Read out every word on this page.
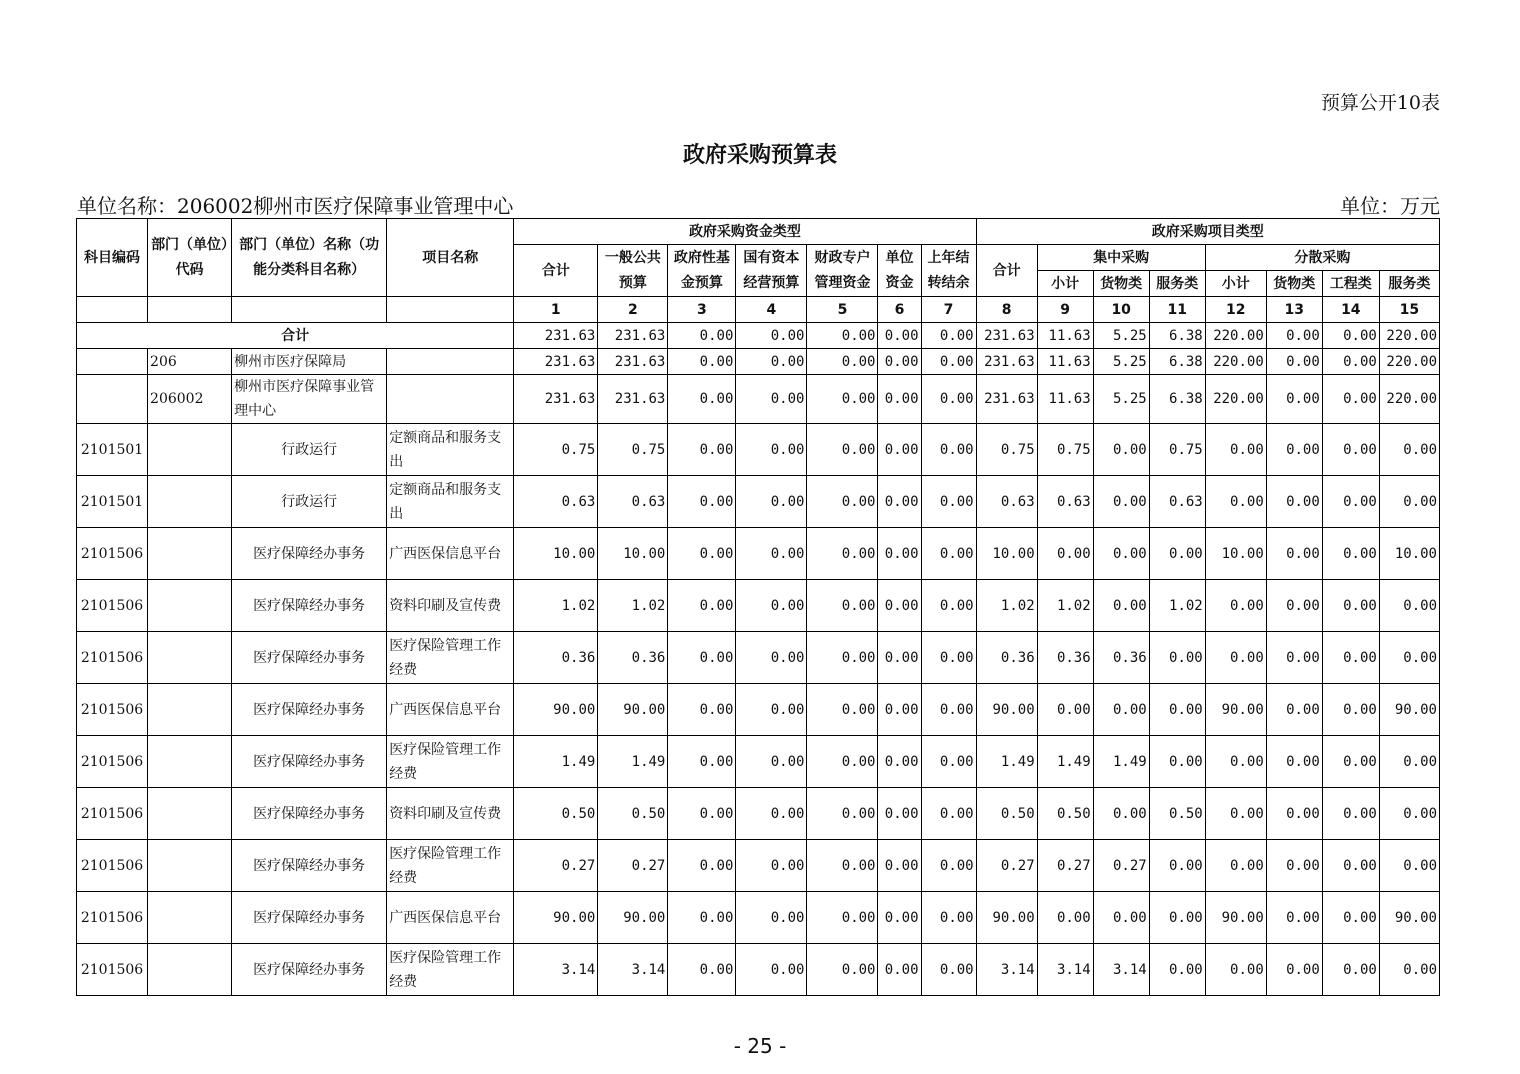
预算公开10表
政府采购预算表
单位名称：206002柳州市医疗保障事业管理中心	单位：万元
科目编码	部门（单位）代码	部门（单位）名称（功能分类科目名称）	项目名称	政府采购资金类型							政府采购项目类型							
				合计	一般公共预算	政府性基金预算	国有资本经营预算	财政专户管理资金	单位资金	上年结转结余	合计	集中采购			分散采购			
												小计	货物类	服务类	小计	货物类	工程类	服务类
				1	2	3	4	5	6	7	8	9	10	11	12	13	14	15
合计				231.63	231.63	0.00	0.00	0.00	0.00	0.00	231.63	11.63	5.25	6.38	220.00	0.00	0.00	220.00
	206	柳州市医疗保障局		231.63	231.63	0.00	0.00	0.00	0.00	0.00	231.63	11.63	5.25	6.38	220.00	0.00	0.00	220.00
	206002	柳州市医疗保障事业管理中心		231.63	231.63	0.00	0.00	0.00	0.00	0.00	231.63	11.63	5.25	6.38	220.00	0.00	0.00	220.00
2101501		行政运行	定额商品和服务支出	0.75	0.75	0.00	0.00	0.00	0.00	0.00	0.75	0.75	0.00	0.75	0.00	0.00	0.00	0.00
2101501		行政运行	定额商品和服务支出	0.63	0.63	0.00	0.00	0.00	0.00	0.00	0.63	0.63	0.00	0.63	0.00	0.00	0.00	0.00
2101506		医疗保障经办事务	广西医保信息平台	10.00	10.00	0.00	0.00	0.00	0.00	0.00	10.00	0.00	0.00	0.00	10.00	0.00	0.00	10.00
2101506		医疗保障经办事务	资料印刷及宣传费	1.02	1.02	0.00	0.00	0.00	0.00	0.00	1.02	1.02	0.00	1.02	0.00	0.00	0.00	0.00
2101506		医疗保障经办事务	医疗保险管理工作经费	0.36	0.36	0.00	0.00	0.00	0.00	0.00	0.36	0.36	0.36	0.00	0.00	0.00	0.00	0.00
2101506		医疗保障经办事务	广西医保信息平台	90.00	90.00	0.00	0.00	0.00	0.00	0.00	90.00	0.00	0.00	0.00	90.00	0.00	0.00	90.00
2101506		医疗保障经办事务	医疗保险管理工作经费	1.49	1.49	0.00	0.00	0.00	0.00	0.00	1.49	1.49	1.49	0.00	0.00	0.00	0.00	0.00
2101506		医疗保障经办事务	资料印刷及宣传费	0.50	0.50	0.00	0.00	0.00	0.00	0.00	0.50	0.50	0.00	0.50	0.00	0.00	0.00	0.00
2101506		医疗保障经办事务	医疗保险管理工作经费	0.27	0.27	0.00	0.00	0.00	0.00	0.00	0.27	0.27	0.27	0.00	0.00	0.00	0.00	0.00
2101506		医疗保障经办事务	广西医保信息平台	90.00	90.00	0.00	0.00	0.00	0.00	0.00	90.00	0.00	0.00	0.00	90.00	0.00	0.00	90.00
2101506		医疗保障经办事务	医疗保险管理工作经费	3.14	3.14	0.00	0.00	0.00	0.00	0.00	3.14	3.14	3.14	0.00	0.00	0.00	0.00	0.00
- 25 -
